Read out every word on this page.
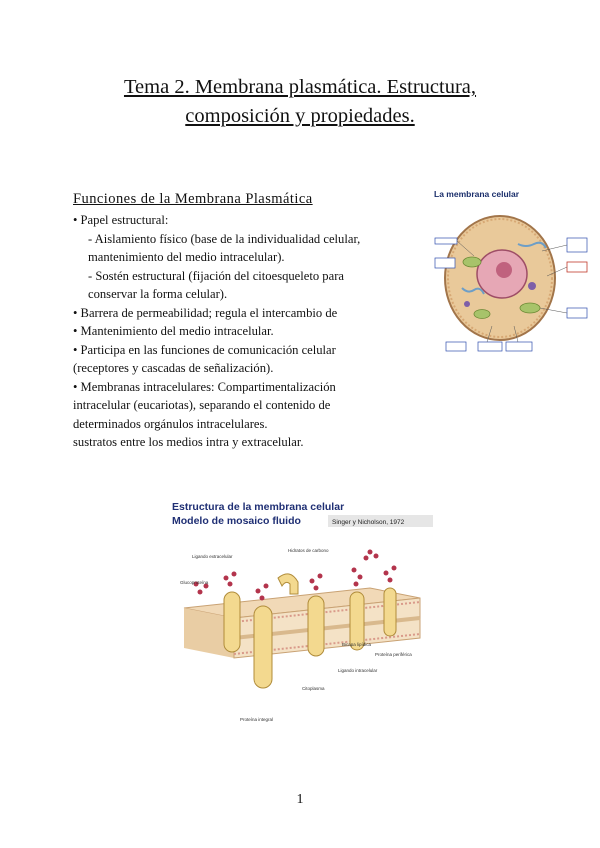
Tema 2. Membrana plasmática. Estructura,
composición y propiedades.
Funciones de la Membrana Plasmática
• Papel estructural:
- Aislamiento físico (base de la individualidad celular,
mantenimiento del medio intracelular).
- Sostén estructural (fijación del citoesqueleto para
conservar la forma celular).
• Barrera de permeabilidad; regula el intercambio de
• Mantenimiento del medio intracelular.
• Participa en las funciones de comunicación celular
(receptores y cascadas de señalización).
• Membranas intracelulares: Compartimentalización
intracelular (eucariotas), separando el contenido de
determinados orgánulos intracelulares.
sustratos entre los medios intra y extracelular.
La membrana celular
Estructura de la membrana celular
Modelo de mosaico fluido	Singer y Nicholson, 1972
Hidratos de carbono
Ligando extracelular
Glucoproteína
Bicapa lipídica
Proteína periférica
Ligando intracelular
Citoplasma
Proteína integral
1
